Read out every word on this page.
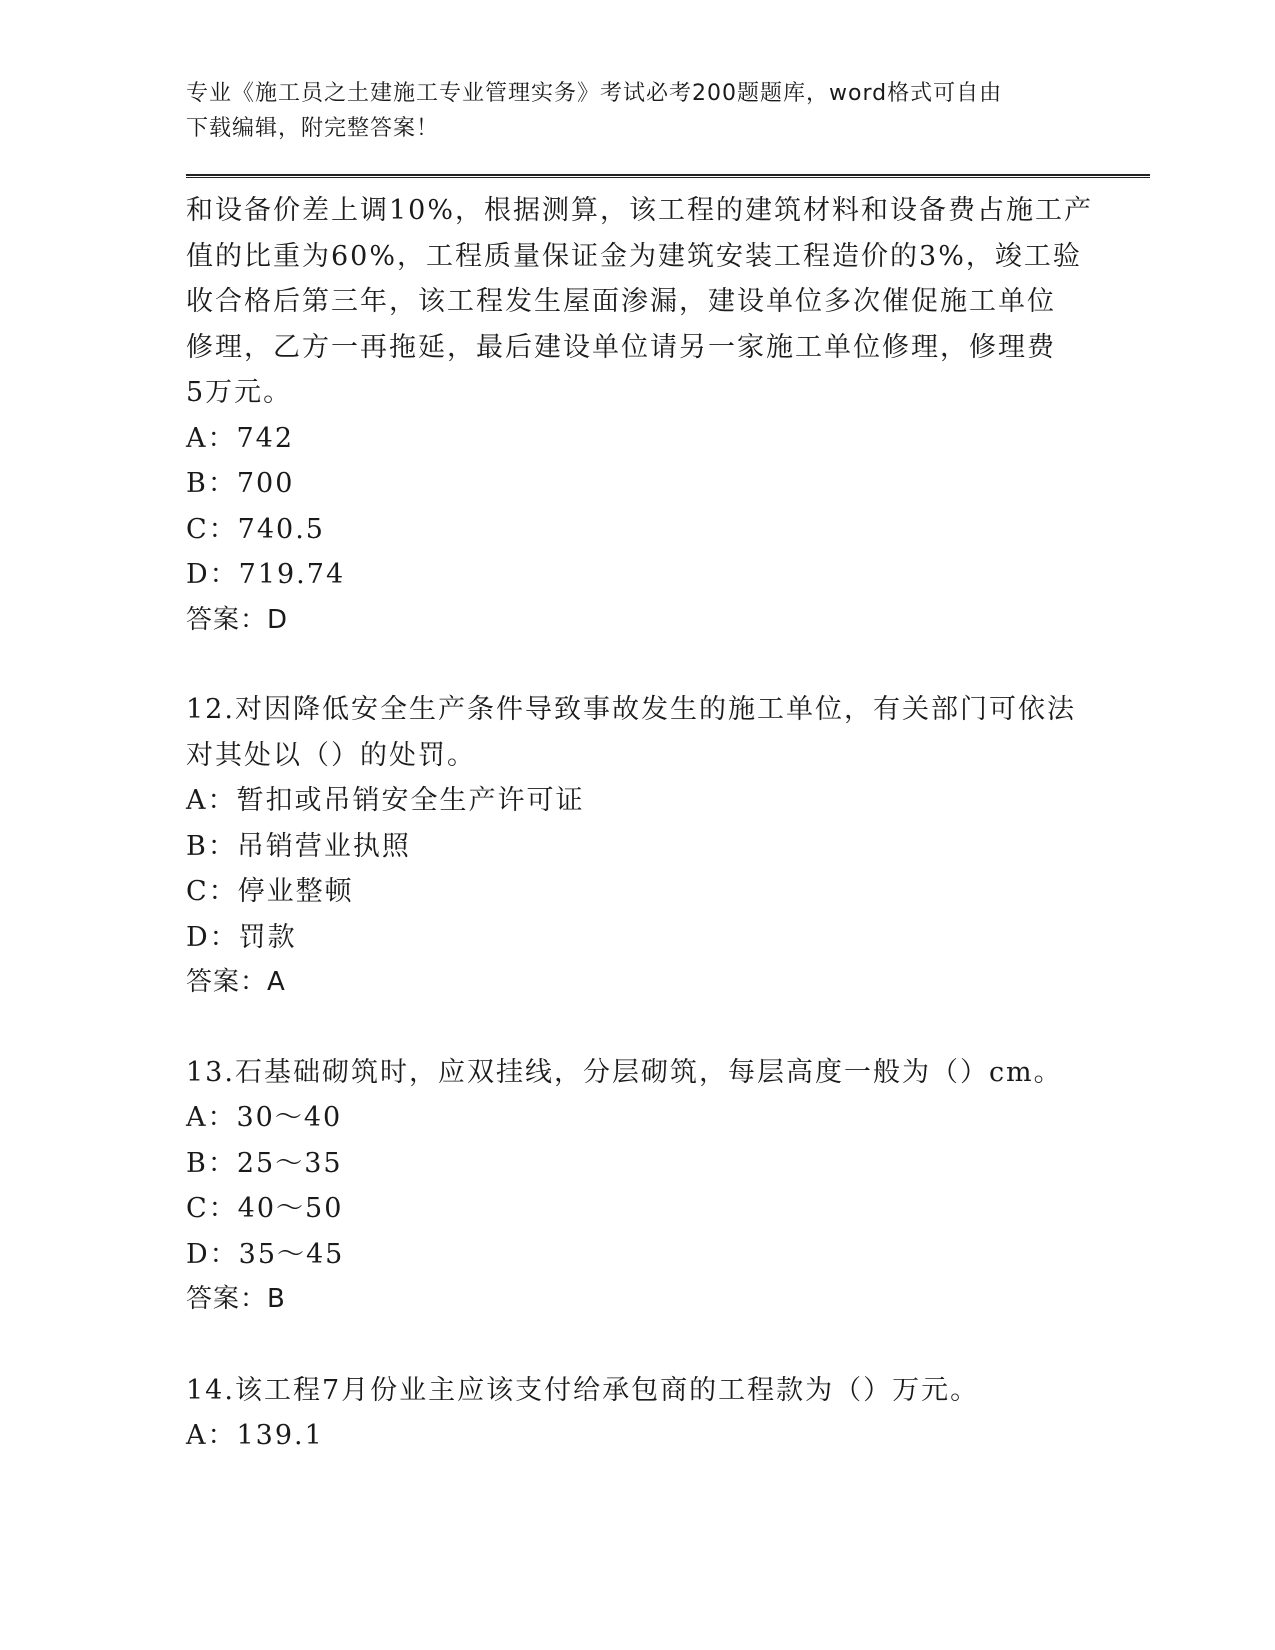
专业《施工员之土建施工专业管理实务》考试必考200题题库，word格式可自由
下载编辑，附完整答案！
和设备价差上调10%，根据测算，该工程的建筑材料和设备费占施工产
值的比重为60%，工程质量保证金为建筑安装工程造价的3%，竣工验
收合格后第三年，该工程发生屋面渗漏，建设单位多次催促施工单位
修理，乙方一再拖延，最后建设单位请另一家施工单位修理，修理费
5万元。
A：742
B：700
C：740.5
D：719.74
答案：D
12.对因降低安全生产条件导致事故发生的施工单位，有关部门可依法
对其处以（）的处罚。
A：暂扣或吊销安全生产许可证
B：吊销营业执照
C：停业整顿
D：罚款
答案：A
13.石基础砌筑时，应双挂线，分层砌筑，每层高度一般为（）cm。
A：30～40
B：25～35
C：40～50
D：35～45
答案：B
14.该工程7月份业主应该支付给承包商的工程款为（）万元。
A：139.1
